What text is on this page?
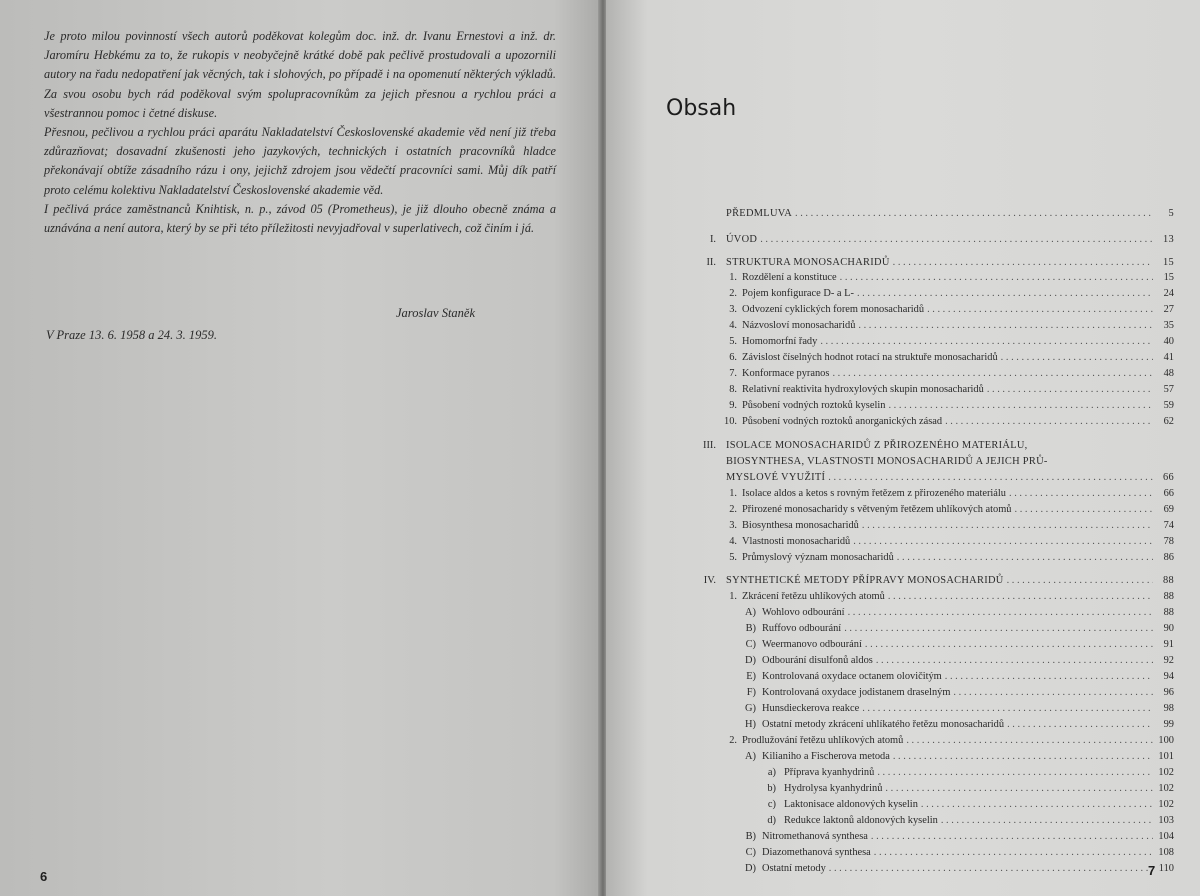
Je proto milou povinností všech autorů poděkovat kolegům doc. inž. dr. Ivanu Ernestovi a inž. dr. Jaromíru Hebkému za to, že rukopis v neobyčejně krátké době pak pečlivě prostudovali a upozornili autory na řadu nedopatření jak věcných, tak i slohových, po případě i na opomenutí některých výkladů. Za svou osobu bych rád poděkoval svým spolupracovníkům za jejich přesnou a rychlou práci a všestrannou pomoc i četné diskuse.

Přesnou, pečlivou a rychlou práci aparátu Nakladatelství Československé akademie věd není již třeba zdůrazňovat; dosavadní zkušenosti jeho jazykových, technických i ostatních pracovníků hladce překonávají obtíže zásadního rázu i ony, jejichž zdrojem jsou vědečtí pracovníci sami. Můj dík patří proto celému kolektivu Nakladatelství Československé akademie věd.

I pečlivá práce zaměstnanců Knihtisk, n. p., závod 05 (Prometheus), je již dlouho obecně známa a uznávána a není autora, který by se při této příležitosti nevyjadřoval v superlativech, což činím i já.

Jaroslav Staněk
V Praze 13. 6. 1958 a 24. 3. 1959.
6
Obsah
PŘEDMLUVA . . .	5
I. ÚVOD . . .	13
II. STRUKTURA MONOSACHARIDŮ . . .	15
1. Rozdělení a konstituce . . .	15
2. Pojem konfigurace D- a L- . . .	24
3. Odvození cyklických forem monosacharidů . . .	27
4. Názvosloví monosacharidů . . .	35
5. Homomorfní řady . . .	40
6. Závislost číselných hodnot rotací na struktuře monosacharidů . . .	41
7. Konformace pyranos . . .	48
8. Relativní reaktivita hydroxylových skupin monosacharidů . . .	57
9. Působení vodných roztoků kyselin . . .	59
10. Působení vodných roztoků anorganických zásad . . .	62
III. ISOLACE MONOSACHARIDŮ Z PŘIROZENÉHO MATERIÁLU,
BIOSYNTHESA, VLASTNOSTI MONOSACHARIDŮ A JEJICH PRŮ-
MYSLOVÉ VYUŽITÍ . . .	66
1. Isolace aldos a ketos s rovným řetězem z přirozeného materiálu . . .	66
2. Přirozené monosacharidy s větveným řetězem uhlíkových atomů . . .	69
3. Biosynthesa monosacharidů . . .	74
4. Vlastnosti monosacharidů . . .	78
5. Průmyslový význam monosacharidů . . .	86
IV. SYNTHETICKÉ METODY PŘÍPRAVY MONOSACHARIDŮ . . .	88
1. Zkrácení řetězu uhlíkových atomů . . .	88
A) Wohlovo odbourání . . .	88
B) Ruffovo odbourání . . .	90
C) Weermanovo odbourání . . .	91
D) Odbourání disulfonů aldos . . .	92
E) Kontrolovaná oxydace octanem olovičitým . . .	94
F) Kontrolovaná oxydace jodistanem draselným . . .	96
G) Hunsdieckerova reakce . . .	98
H) Ostatní metody zkrácení uhlíkatého řetězu monosacharidů . . .	99
2. Prodlužování řetězu uhlíkových atomů . . .	100
A) Kilianiho a Fischerova metoda . . .	101
a) Příprava kyanhydrinů . . .	102
b) Hydrolysa kyanhydrinů . . .	102
c) Laktonisace aldonových kyselin . . .	102
d) Redukce laktonů aldonových kyselin . . .	103
B) Nitromethanová synthesa . . .	104
C) Diazomethanová synthesa . . .	108
D) Ostatní metody . . .	110
7
